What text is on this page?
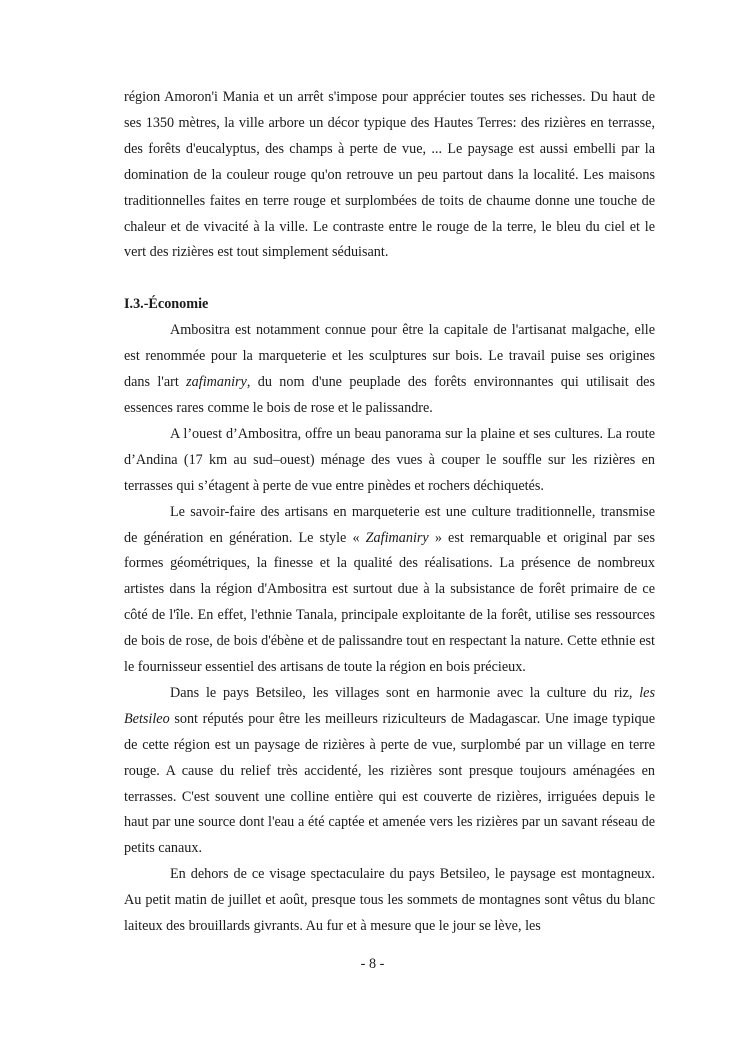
région Amoron'i Mania et un arrêt s'impose pour apprécier toutes ses richesses. Du haut de ses 1350 mètres, la ville arbore un décor typique des Hautes Terres: des rizières en terrasse, des forêts d'eucalyptus, des champs à perte de vue, ... Le paysage est aussi embelli par la domination de la couleur rouge qu'on retrouve un peu partout dans la localité. Les maisons traditionnelles faites en terre rouge et surplombées de toits de chaume donne une touche de chaleur et de vivacité à la ville. Le contraste entre le rouge de la terre, le bleu du ciel et le vert des rizières est tout simplement séduisant.

I.3.-Économie

Ambositra est notamment connue pour être la capitale de l'artisanat malgache, elle est renommée pour la marqueterie et les sculptures sur bois. Le travail puise ses origines dans l'art zafimaniry, du nom d'une peuplade des forêts environnantes qui utilisait des essences rares comme le bois de rose et le palissandre.

A l’ouest d’Ambositra, offre un beau panorama sur la plaine et ses cultures. La route d’Andina (17 km au sud–ouest) ménage des vues à couper le souffle sur les rizières en terrasses qui s’étagent à perte de vue entre pinèdes et rochers déchiquetés.

Le savoir-faire des artisans en marqueterie est une culture traditionnelle, transmise de génération en génération. Le style « Zafimaniry » est remarquable et original par ses formes géométriques, la finesse et la qualité des réalisations. La présence de nombreux artistes dans la région d'Ambositra est surtout due à la subsistance de forêt primaire de ce côté de l'île. En effet, l'ethnie Tanala, principale exploitante de la forêt, utilise ses ressources de bois de rose, de bois d'ébène et de palissandre tout en respectant la nature. Cette ethnie est le fournisseur essentiel des artisans de toute la région en bois précieux.

Dans le pays Betsileo, les villages sont en harmonie avec la culture du riz, les Betsileo sont réputés pour être les meilleurs riziculteurs de Madagascar. Une image typique de cette région est un paysage de rizières à perte de vue, surplombé par un village en terre rouge. A cause du relief très accidenté, les rizières sont presque toujours aménagées en terrasses. C'est souvent une colline entière qui est couverte de rizières, irriguées depuis le haut par une source dont l'eau a été captée et amenée vers les rizières par un savant réseau de petits canaux.

En dehors de ce visage spectaculaire du pays Betsileo, le paysage est montagneux. Au petit matin de juillet et août, presque tous les sommets de montagnes sont vêtus du blanc laiteux des brouillards givrants. Au fur et à mesure que le jour se lève, les

- 8 -
